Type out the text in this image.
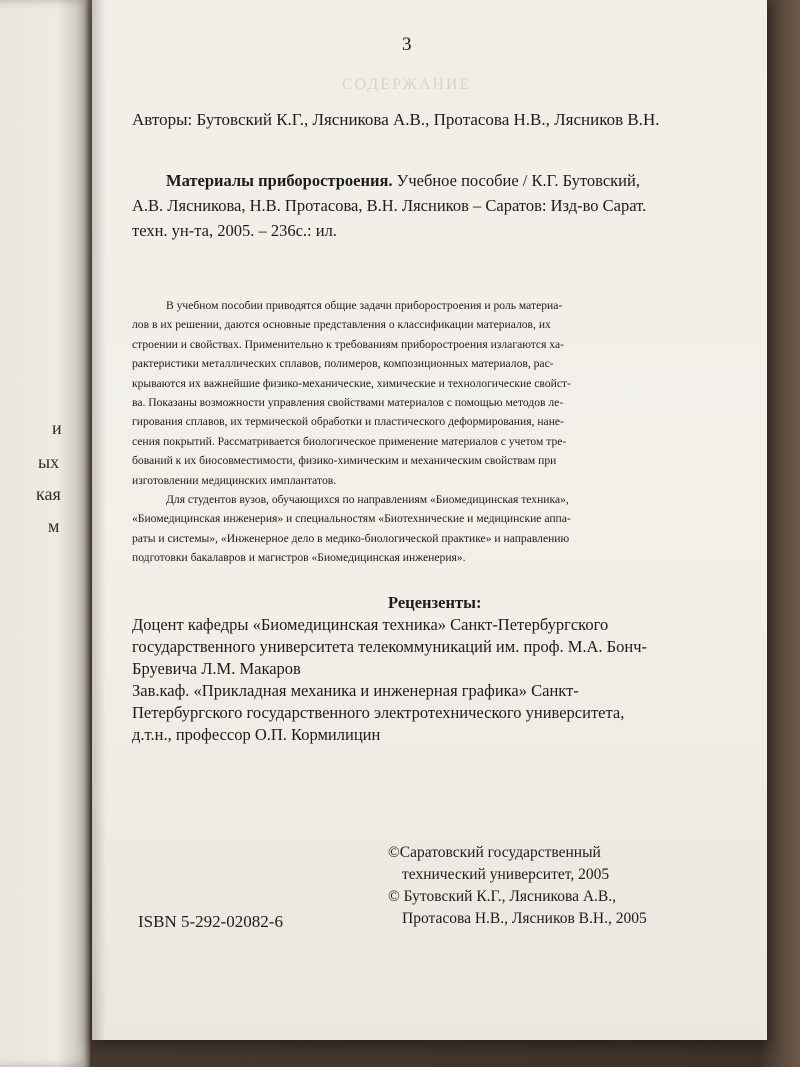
и
ых
кая
м
3
СОДЕРЖАНИЕ
Авторы: Бутовский К.Г., Лясникова А.В., Протасова Н.В., Лясников В.Н.
Материалы приборостроения. Учебное пособие / К.Г. Бутовский,
А.В. Лясникова, Н.В. Протасова, В.Н. Лясников – Саратов: Изд-во Сарат.
техн. ун-та, 2005. – 236с.: ил.
В учебном пособии приводятся общие задачи приборостроения и роль материа-
лов в их решении, даются основные представления о классификации материалов, их
строении и свойствах. Применительно к требованиям приборостроения излагаются ха-
рактеристики металлических сплавов, полимеров, композиционных материалов, рас-
крываются их важнейшие физико-механические, химические и технологические свойст-
ва. Показаны возможности управления свойствами материалов с помощью методов ле-
гирования сплавов, их термической обработки и пластического деформирования, нане-
сения покрытий. Рассматривается биологическое применение материалов с учетом тре-
бований к их биосовместимости, физико-химическим и механическим свойствам при
изготовлении медицинских имплантатов.
Для студентов вузов, обучающихся по направлениям «Биомедицинская техника»,
«Биомедицинская инженерия» и специальностям «Биотехнические и медицинские аппа-
раты и системы», «Инженерное дело в медико-биологической практике» и направлению
подготовки бакалавров и магистров «Биомедицинская инженерия».
Рецензенты:
Доцент кафедры «Биомедицинская техника» Санкт-Петербургского
государственного университета телекоммуникаций им. проф. М.А. Бонч-
Бруевича Л.М. Макаров
Зав.каф. «Прикладная механика и инженерная графика» Санкт-
Петербургского государственного электротехнического университета,
д.т.н., профессор О.П. Кормилицин
©Саратовский государственный
технический университет, 2005
© Бутовский К.Г., Лясникова А.В.,
Протасова Н.В., Лясников В.Н., 2005
ISBN 5-292-02082-6
